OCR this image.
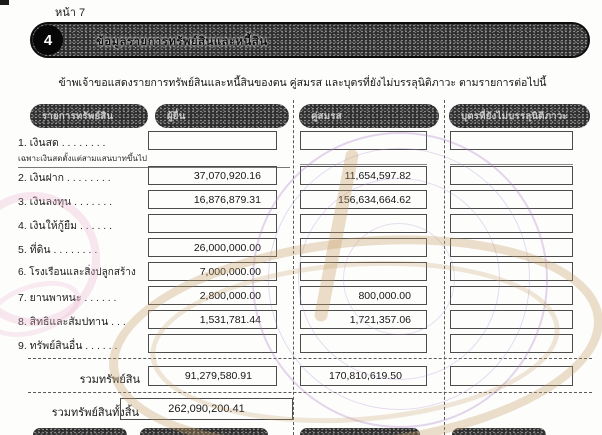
หน้า 7
4	ข้อมูลรายการทรัพย์สินและหนี้สิน
ข้าพเจ้าขอแสดงรายการทรัพย์สินและหนี้สินของตน คู่สมรส และบุตรที่ยังไม่บรรลุนิติภาวะ ตามรายการต่อไปนี้
รายการทรัพย์สิน	ผู้ยื่น	คู่สมรส	บุตรที่ยังไม่บรรลุนิติภาวะ
1. เงินสด . . . . . . . .
เฉพาะเงินสดตั้งแต่สามแสนบาทขึ้นไป
2. เงินฝาก . . . . . . . .	37,070,920.16	11,654,597.82
3. เงินลงทุน . . . . . . .	16,876,879.31	156,634,664.62
4. เงินให้กู้ยืม . . . . . .
5. ที่ดิน . . . . . . . .	26,000,000.00
6. โรงเรือนและสิ่งปลูกสร้าง	7,000,000.00
7. ยานพาหนะ . . . . . .	2,800,000.00	800,000.00
8. สิทธิและสัมปทาน . . .	1,531,781.44	1,721,357.06
9. ทรัพย์สินอื่น . . . . . .
รวมทรัพย์สิน	91,279,580.91	170,810,619.50
รวมทรัพย์สินทั้งสิ้น	262,090,200.41
